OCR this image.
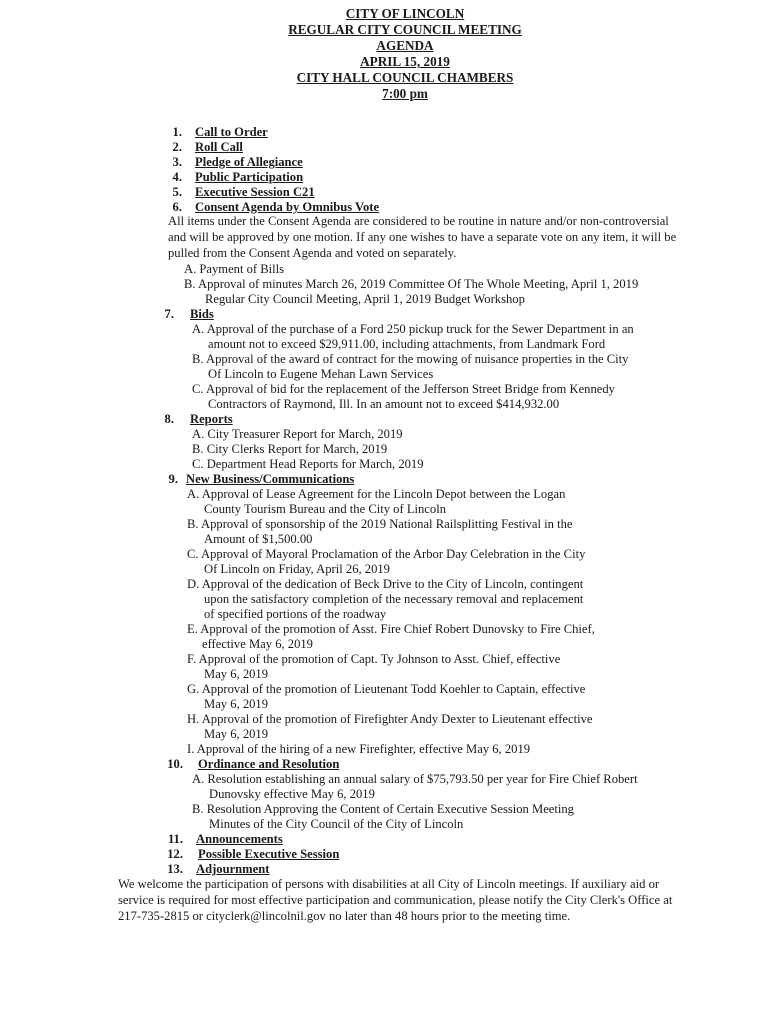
CITY OF LINCOLN
REGULAR CITY COUNCIL MEETING
AGENDA
APRIL 15, 2019
CITY HALL COUNCIL CHAMBERS
7:00 pm
1. Call to Order
2. Roll Call
3. Pledge of Allegiance
4. Public Participation
5. Executive Session C21
6. Consent Agenda by Omnibus Vote
All items under the Consent Agenda are considered to be routine in nature and/or non-controversial
and will be approved by one motion. If any one wishes to have a separate vote on any item, it will be
pulled from the Consent Agenda and voted on separately.
A. Payment of Bills
B. Approval of minutes March 26, 2019 Committee Of The Whole Meeting, April 1, 2019
Regular City Council Meeting, April 1, 2019 Budget Workshop
7. Bids
A. Approval of the purchase of a Ford 250 pickup truck for the Sewer Department in an
amount not to exceed $29,911.00, including attachments, from Landmark Ford
B. Approval of the award of contract for the mowing of nuisance properties in the City
Of Lincoln to Eugene Mehan Lawn Services
C. Approval of bid for the replacement of the Jefferson Street Bridge from Kennedy
Contractors of Raymond, Ill. In an amount not to exceed $414,932.00
8. Reports
A. City Treasurer Report for March, 2019
B. City Clerks Report for March, 2019
C. Department Head Reports for March, 2019
9. New Business/Communications
A. Approval of Lease Agreement for the Lincoln Depot between the Logan
County Tourism Bureau and the City of Lincoln
B. Approval of sponsorship of the 2019 National Railsplitting Festival in the
Amount of $1,500.00
C. Approval of Mayoral Proclamation of the Arbor Day Celebration in the City
Of Lincoln on Friday, April 26, 2019
D. Approval of the dedication of Beck Drive to the City of Lincoln, contingent
upon the satisfactory completion of the necessary removal and replacement
of specified portions of the roadway
E. Approval of the promotion of Asst. Fire Chief Robert Dunovsky to Fire Chief,
effective May 6, 2019
F. Approval of the promotion of Capt. Ty Johnson to Asst. Chief, effective
May 6, 2019
G. Approval of the promotion of Lieutenant Todd Koehler to Captain, effective
May 6, 2019
H. Approval of the promotion of Firefighter Andy Dexter to Lieutenant effective
May 6, 2019
I. Approval of the hiring of a new Firefighter, effective May 6, 2019
10. Ordinance and Resolution
A. Resolution establishing an annual salary of $75,793.50 per year for Fire Chief Robert
Dunovsky effective May 6, 2019
B. Resolution Approving the Content of Certain Executive Session Meeting
Minutes of the City Council of the City of Lincoln
11. Announcements
12. Possible Executive Session
13. Adjournment
We welcome the participation of persons with disabilities at all City of Lincoln meetings. If auxiliary aid or
service is required for most effective participation and communication, please notify the City Clerk's Office at
217-735-2815 or cityclerk@lincolnil.gov no later than 48 hours prior to the meeting time.
